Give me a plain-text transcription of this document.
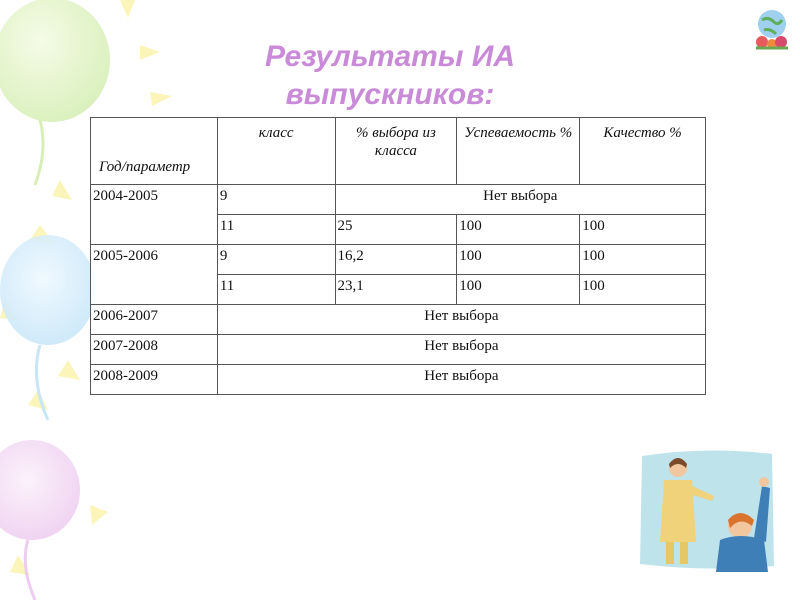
Результаты ИА
выпускников:
Год/параметр	класс	% выбора из класса	Успеваемость %	Качество %
2004-2005	9	Нет выбора		
	11	25	100	100
2005-2006	9	16,2	100	100
	11	23,1	100	100
2006-2007	Нет выбора			
2007-2008	Нет выбора			
2008-2009	Нет выбора			
